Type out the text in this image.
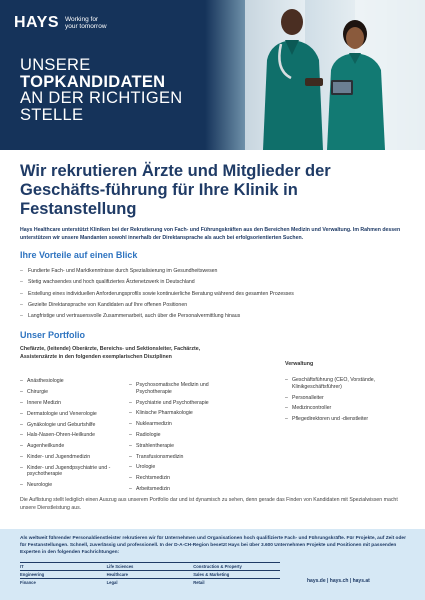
HAYS Working for
your tomorrow
UNSERE
TOPKANDIDATEN
AN DER RICHTIGEN
STELLE
Wir rekrutieren Ärzte und Mitglieder der Geschäfts-führung für Ihre Klinik in Festanstellung

Hays Healthcare unterstützt Kliniken bei der Rekrutierung von Fach- und Führungskräften aus den Bereichen Medizin und Verwaltung. Im Rahmen dessen unterstützen wir unsere Mandanten sowohl innerhalb der Direktansprache als auch bei erfolgsorientierten Suchen.

Ihre Vorteile auf einen Blick
– Fundierte Fach- und Marktkenntnisse durch Spezialisierung im Gesundheitswesen
– Stetig wachsendes und hoch qualifiziertes Ärztenetzwerk in Deutschland
– Erstellung eines individuellen Anforderungsprofils sowie kontinuierliche Beratung während des gesamten Prozesses
– Gezielte Direktansprache von Kandidaten auf Ihre offenen Positionen
– Langfristige und vertrauensvolle Zusammenarbeit, auch über die Personalvermittlung hinaus
Unser Portfolio
Chefärzte, (leitende) Oberärzte, Bereichs- und Sektionsleiter, Fachärzte, Assistenzärzte in den folgenden exemplarischen Disziplinen
– Anästhesiologie
– Chirurgie
– Innere Medizin
– Dermatologie und Venerologie
– Gynäkologie und Geburtshilfe
– Hals-Nasen-Ohren-Heilkunde
– Augenheilkunde
– Kinder- und Jugendmedizin
– Kinder- und Jugendpsychiatrie und -psychotherapie
– Neurologie
– Psychosomatische Medizin und Psychotherapie
– Psychiatrie und Psychotherapie
– Klinische Pharmakologie
– Nuklearmedizin
– Radiologie
– Strahlentherapie
– Transfusionsmedizin
– Urologie
– Rechtsmedizin
– Arbeitsmedizin
Verwaltung
– Geschäftsführung (CEO, Vorstände, Klinikgeschäftsführer)
– Personalleiter
– Medizincontroller
– Pflegedirektoren und -dienstleiter

Die Auflistung stellt lediglich einen Auszug aus unserem Portfolio dar und ist dynamisch zu sehen, denn gerade das Finden von Kandidaten mit Spezialwissen macht unsere Dienstleistung aus.

Als weltweit führender Personaldienstleister rekrutieren wir für Unternehmen und Organisationen hoch qualifizierte Fach- und Führungskräfte. Für Projekte, auf Zeit oder für Festanstellungen. Schnell, zuverlässig und professionell. In der D-A-CH-Region besetzt Hays bei über 3.600 Unternehmen Projekte und Positionen mit passenden Experten in den folgenden Fachrichtungen:

IT	Life Sciences	Construction & Property
Engineering	Healthcare	Sales & Marketing
Finance	Legal	Retail	hays.de | hays.ch | hays.at
